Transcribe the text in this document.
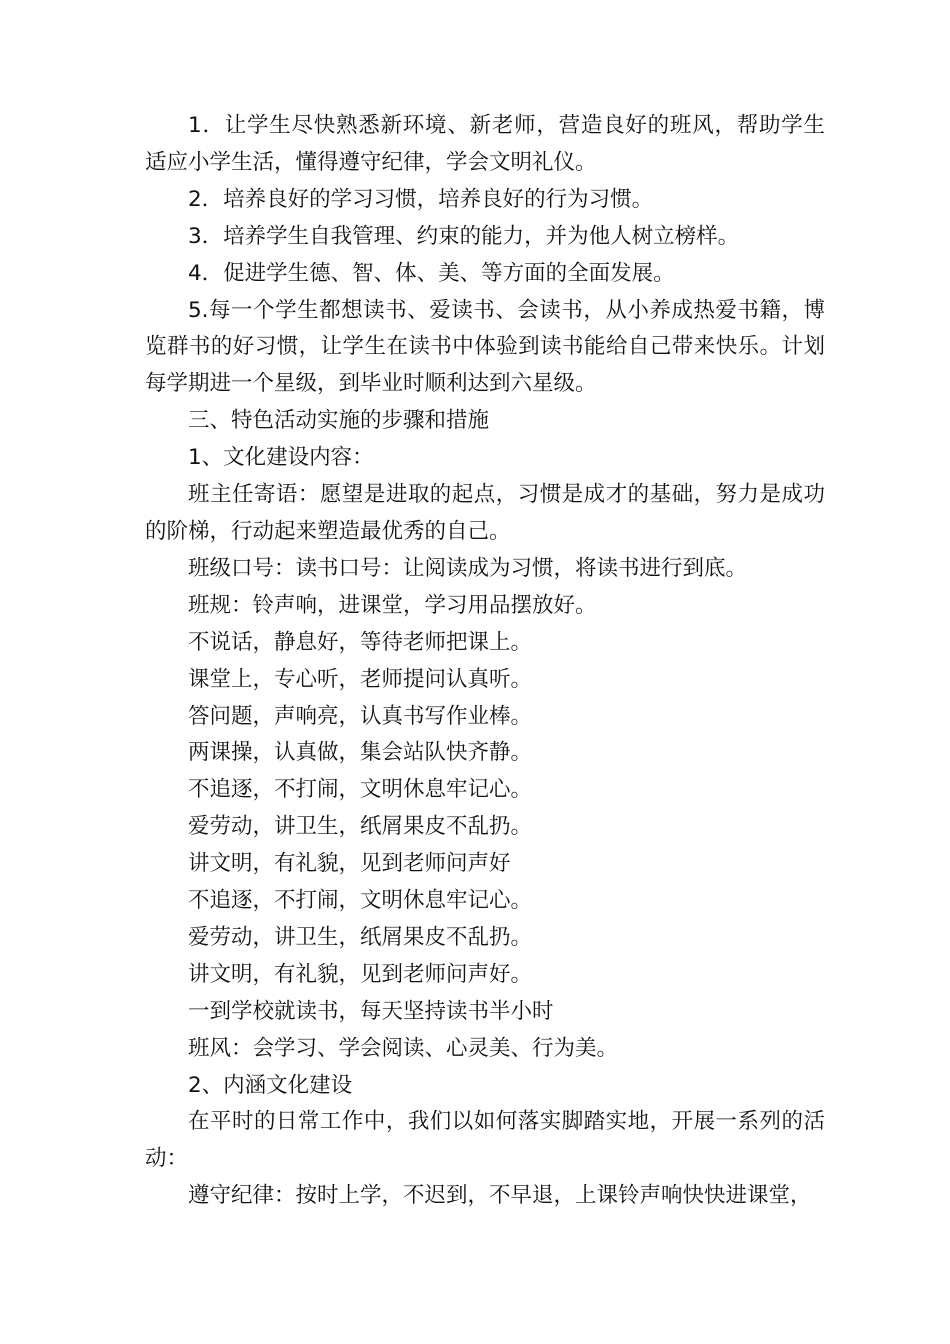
1．让学生尽快熟悉新环境、新老师，营造良好的班风，帮助学生适应小学生活，懂得遵守纪律，学会文明礼仪。

2．培养良好的学习习惯，培养良好的行为习惯。

3．培养学生自我管理、约束的能力，并为他人树立榜样。

4．促进学生德、智、体、美、等方面的全面发展。

5.每一个学生都想读书、爱读书、会读书，从小养成热爱书籍，博览群书的好习惯，让学生在读书中体验到读书能给自己带来快乐。计划每学期进一个星级，到毕业时顺利达到六星级。

三、特色活动实施的步骤和措施

1、文化建设内容：

班主任寄语：愿望是进取的起点，习惯是成才的基础，努力是成功的阶梯，行动起来塑造最优秀的自己。

班级口号：读书口号：让阅读成为习惯，将读书进行到底。

班规：铃声响，进课堂，学习用品摆放好。

不说话，静息好，等待老师把课上。

课堂上，专心听，老师提问认真听。

答问题，声响亮，认真书写作业棒。

两课操，认真做，集会站队快齐静。

不追逐，不打闹，文明休息牢记心。

爱劳动，讲卫生，纸屑果皮不乱扔。

讲文明，有礼貌，见到老师问声好

不追逐，不打闹，文明休息牢记心。

爱劳动，讲卫生，纸屑果皮不乱扔。

讲文明，有礼貌，见到老师问声好。

一到学校就读书，每天坚持读书半小时

班风：会学习、学会阅读、心灵美、行为美。

2、内涵文化建设

在平时的日常工作中，我们以如何落实脚踏实地，开展一系列的活动：

遵守纪律：按时上学，不迟到，不早退，上课铃声响快快进课堂，
